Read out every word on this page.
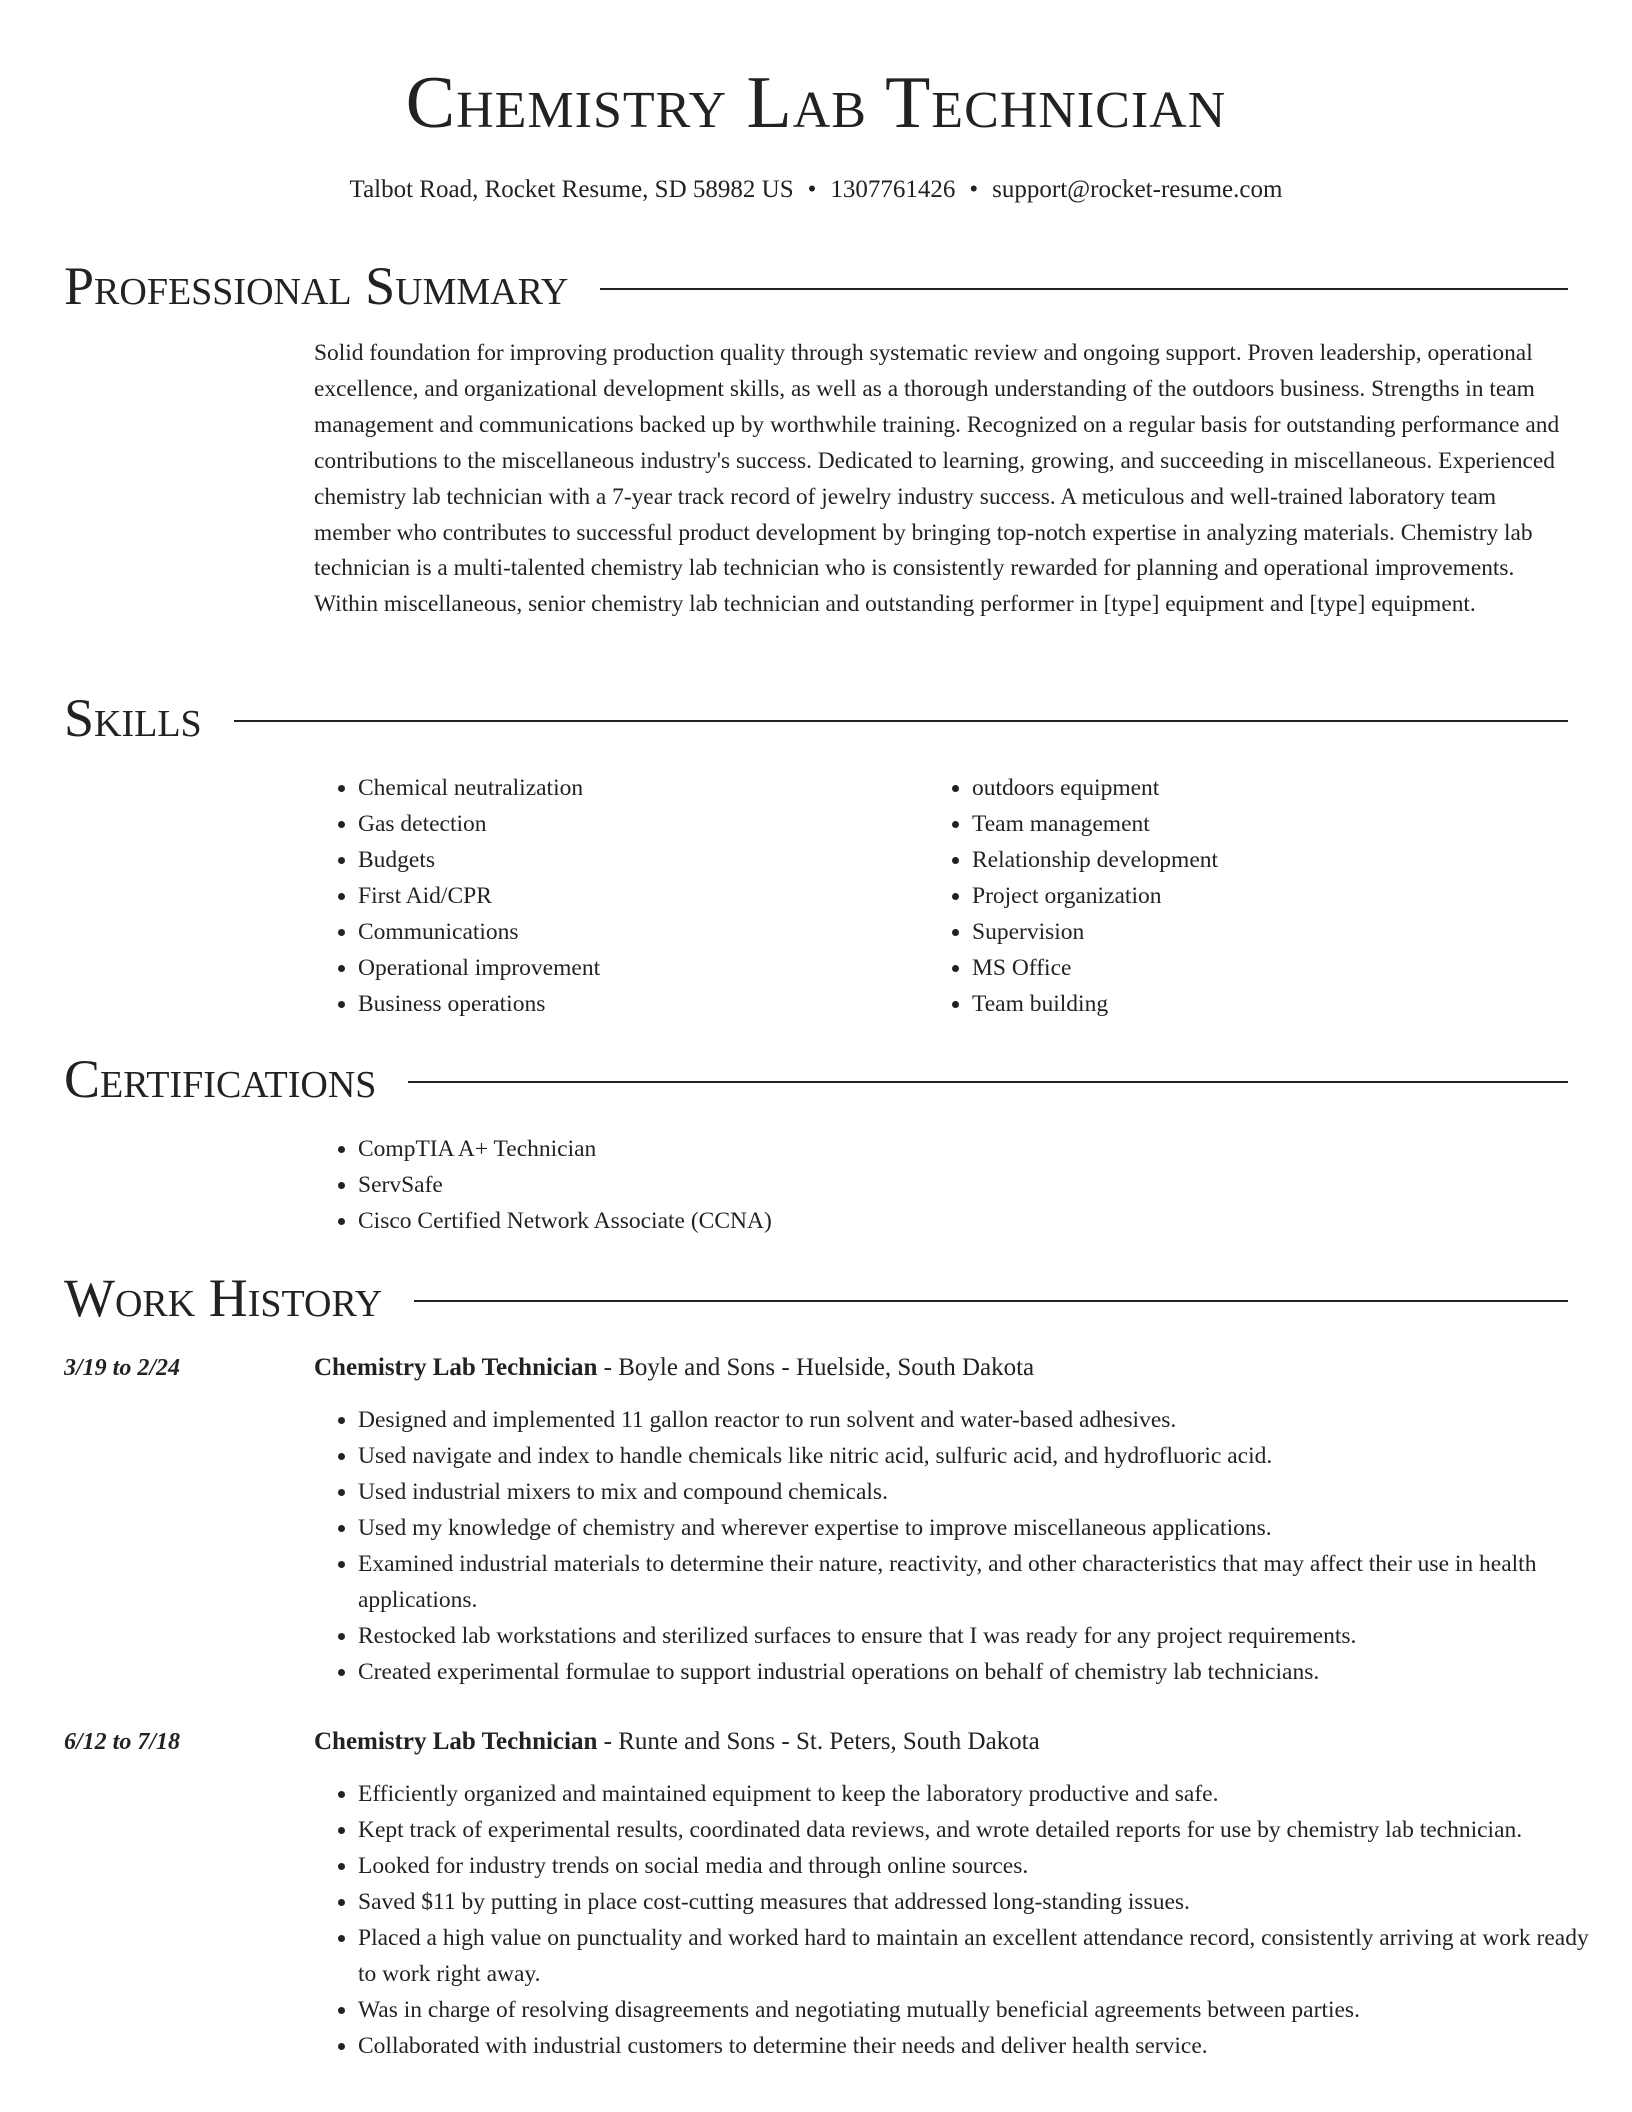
Chemistry Lab Technician
Talbot Road, Rocket Resume, SD 58982 US • 1307761426 • support@rocket-resume.com
Professional Summary

Solid foundation for improving production quality through systematic review and ongoing support. Proven leadership, operational excellence, and organizational development skills, as well as a thorough understanding of the outdoors business. Strengths in team management and communications backed up by worthwhile training. Recognized on a regular basis for outstanding performance and contributions to the miscellaneous industry's success. Dedicated to learning, growing, and succeeding in miscellaneous. Experienced chemistry lab technician with a 7-year track record of jewelry industry success. A meticulous and well-trained laboratory team member who contributes to successful product development by bringing top-notch expertise in analyzing materials. Chemistry lab technician is a multi-talented chemistry lab technician who is consistently rewarded for planning and operational improvements. Within miscellaneous, senior chemistry lab technician and outstanding performer in [type] equipment and [type] equipment.

Skills
• Chemical neutralization
• Gas detection
• Budgets
• First Aid/CPR
• Communications
• Operational improvement
• Business operations
• outdoors equipment
• Team management
• Relationship development
• Project organization
• Supervision
• MS Office
• Team building
Certifications
• CompTIA A+ Technician
• ServSafe
• Cisco Certified Network Associate (CCNA)
Work History
3/19 to 2/24	Chemistry Lab Technician - Boyle and Sons - Huelside, South Dakota
• Designed and implemented 11 gallon reactor to run solvent and water-based adhesives.
• Used navigate and index to handle chemicals like nitric acid, sulfuric acid, and hydrofluoric acid.
• Used industrial mixers to mix and compound chemicals.
• Used my knowledge of chemistry and wherever expertise to improve miscellaneous applications.
• Examined industrial materials to determine their nature, reactivity, and other characteristics that may affect their use in health applications.
• Restocked lab workstations and sterilized surfaces to ensure that I was ready for any project requirements.
• Created experimental formulae to support industrial operations on behalf of chemistry lab technicians.
6/12 to 7/18	Chemistry Lab Technician - Runte and Sons - St. Peters, South Dakota
• Efficiently organized and maintained equipment to keep the laboratory productive and safe.
• Kept track of experimental results, coordinated data reviews, and wrote detailed reports for use by chemistry lab technician.
• Looked for industry trends on social media and through online sources.
• Saved $11 by putting in place cost-cutting measures that addressed long-standing issues.
• Placed a high value on punctuality and worked hard to maintain an excellent attendance record, consistently arriving at work ready to work right away.
• Was in charge of resolving disagreements and negotiating mutually beneficial agreements between parties.
• Collaborated with industrial customers to determine their needs and deliver health service.
